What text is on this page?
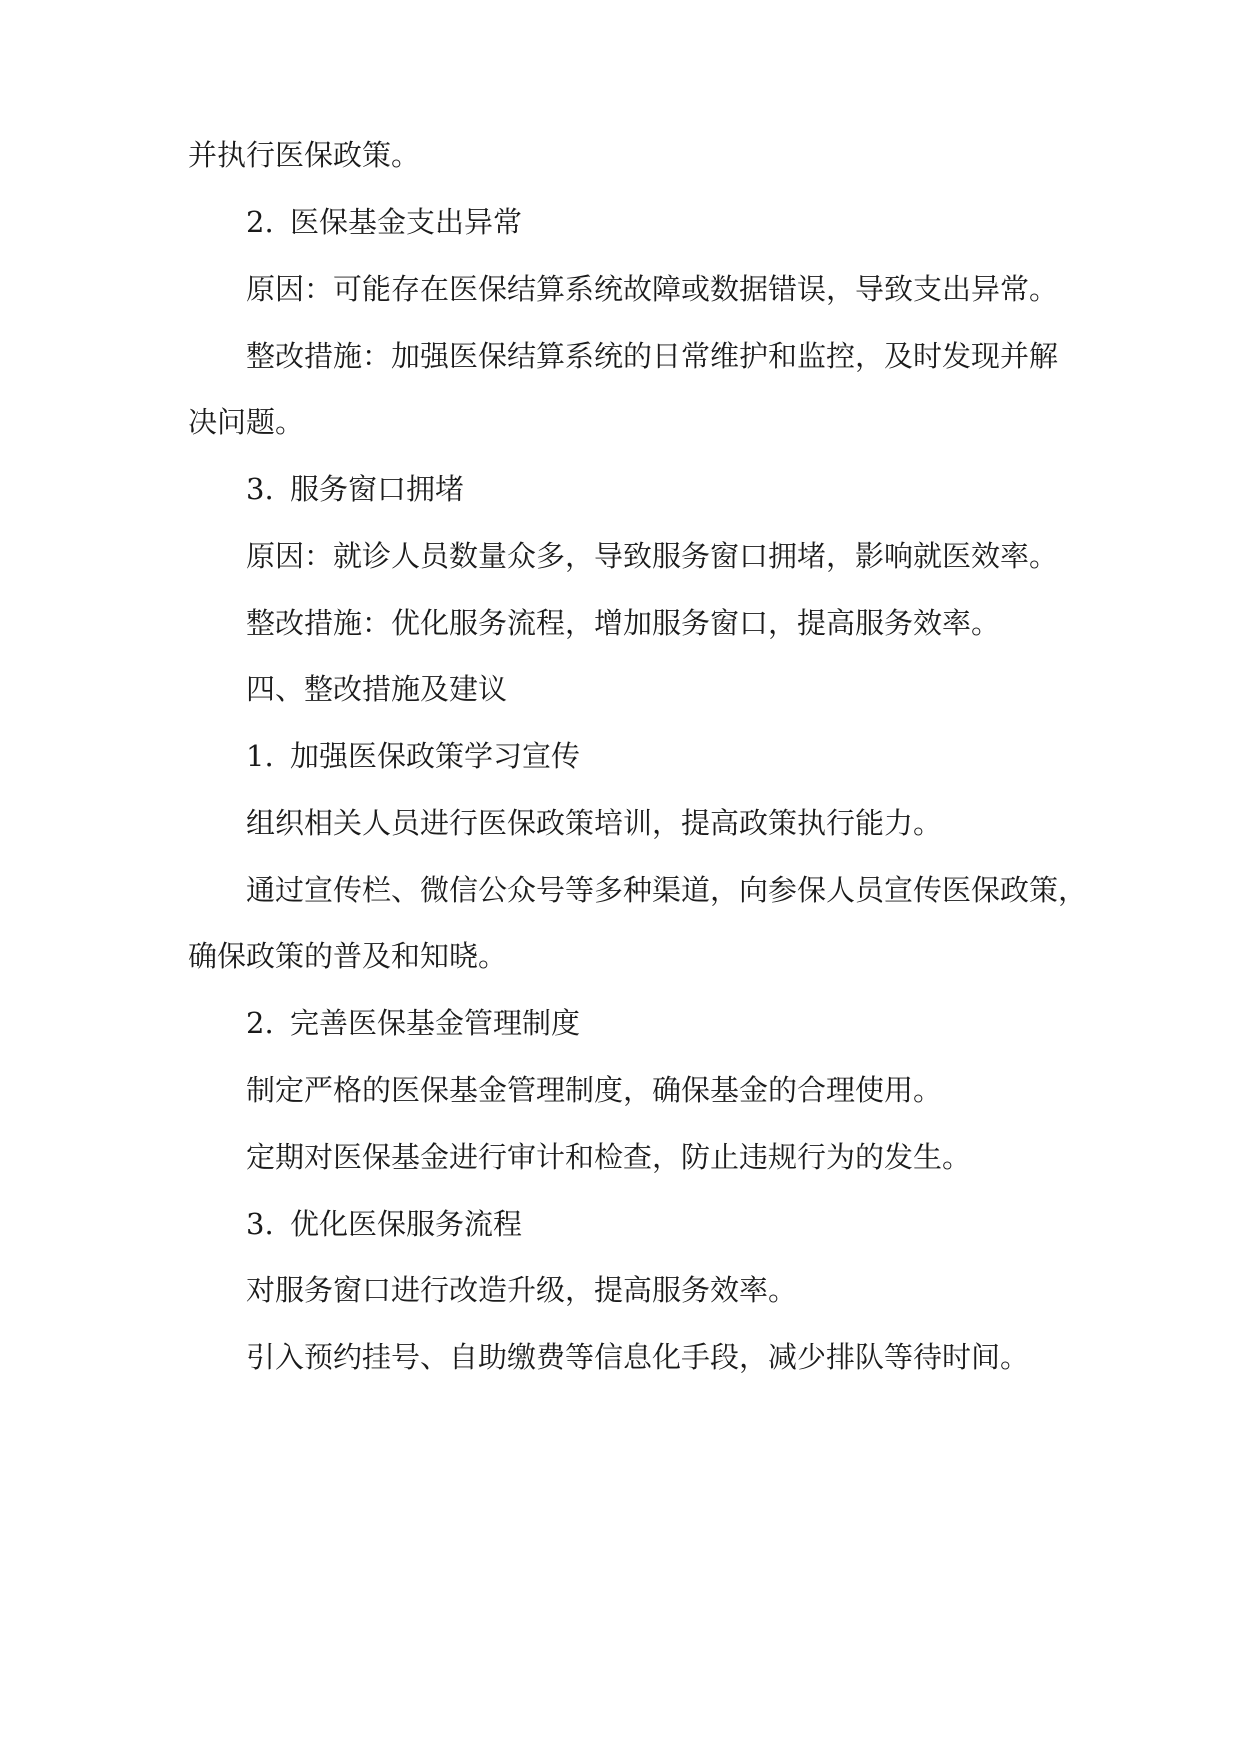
并执行医保政策。
2. 医保基金支出异常
原因：可能存在医保结算系统故障或数据错误，导致支出异常。
整改措施：加强医保结算系统的日常维护和监控，及时发现并解
决问题。
3. 服务窗口拥堵
原因：就诊人员数量众多，导致服务窗口拥堵，影响就医效率。
整改措施：优化服务流程，增加服务窗口，提高服务效率。
四、整改措施及建议
1. 加强医保政策学习宣传
组织相关人员进行医保政策培训，提高政策执行能力。
通过宣传栏、微信公众号等多种渠道，向参保人员宣传医保政策，
确保政策的普及和知晓。
2. 完善医保基金管理制度
制定严格的医保基金管理制度，确保基金的合理使用。
定期对医保基金进行审计和检查，防止违规行为的发生。
3. 优化医保服务流程
对服务窗口进行改造升级，提高服务效率。
引入预约挂号、自助缴费等信息化手段，减少排队等待时间。
